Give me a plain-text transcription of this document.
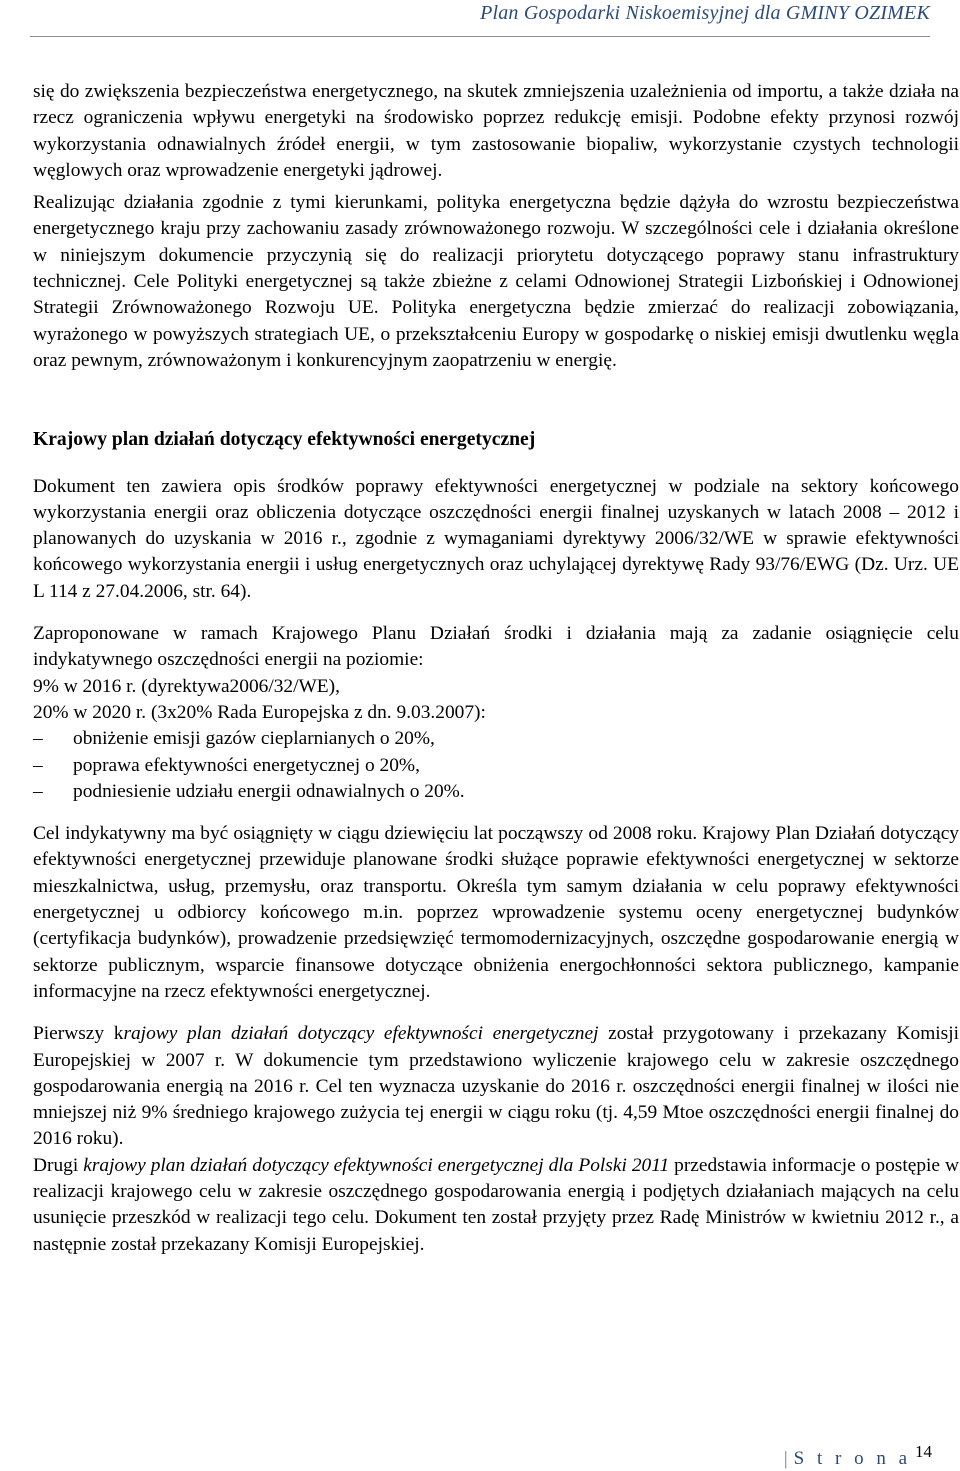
Plan Gospodarki Niskoemisyjnej dla GMINY OZIMEK

się do zwiększenia bezpieczeństwa energetycznego, na skutek zmniejszenia uzależnienia od importu, a także działa na rzecz ograniczenia wpływu energetyki na środowisko poprzez redukcję emisji. Podobne efekty przynosi rozwój wykorzystania odnawialnych źródeł energii, w tym zastosowanie biopaliw, wykorzystanie czystych technologii węglowych oraz wprowadzenie energetyki jądrowej.

Realizując działania zgodnie z tymi kierunkami, polityka energetyczna będzie dążyła do wzrostu bezpieczeństwa energetycznego kraju przy zachowaniu zasady zrównoważonego rozwoju. W szczególności cele i działania określone w niniejszym dokumencie przyczynią się do realizacji priorytetu dotyczącego poprawy stanu infrastruktury technicznej. Cele Polityki energetycznej są także zbieżne z celami Odnowionej Strategii Lizbońskiej i Odnowionej Strategii Zrównoważonego Rozwoju UE. Polityka energetyczna będzie zmierzać do realizacji zobowiązania, wyrażonego w powyższych strategiach UE, o przekształceniu Europy w gospodarkę o niskiej emisji dwutlenku węgla oraz pewnym, zrównoważonym i konkurencyjnym zaopatrzeniu w energię.

Krajowy plan działań dotyczący efektywności energetycznej

Dokument ten zawiera opis środków poprawy efektywności energetycznej w podziale na sektory końcowego wykorzystania energii oraz obliczenia dotyczące oszczędności energii finalnej uzyskanych w latach 2008 – 2012 i planowanych do uzyskania w 2016 r., zgodnie z wymaganiami dyrektywy 2006/32/WE w sprawie efektywności końcowego wykorzystania energii i usług energetycznych oraz uchylającej dyrektywę Rady 93/76/EWG (Dz. Urz. UE L 114 z 27.04.2006, str. 64).

Zaproponowane w ramach Krajowego Planu Działań środki i działania mają za zadanie osiągnięcie celu indykatywnego oszczędności energii na poziomie:

9% w 2016 r. (dyrektywa2006/32/WE),
20% w 2020 r. (3x20% Rada Europejska z dn. 9.03.2007):
–	obniżenie emisji gazów cieplarnianych o 20%,
–	poprawa efektywności energetycznej o 20%,
–	podniesienie udziału energii odnawialnych o 20%.

Cel indykatywny ma być osiągnięty w ciągu dziewięciu lat począwszy od 2008 roku. Krajowy Plan Działań dotyczący efektywności energetycznej przewiduje planowane środki służące poprawie efektywności energetycznej w sektorze mieszkalnictwa, usług, przemysłu, oraz transportu. Określa tym samym działania w celu poprawy efektywności energetycznej u odbiorcy końcowego m.in. poprzez wprowadzenie systemu oceny energetycznej budynków (certyfikacja budynków), prowadzenie przedsięwzięć termomodernizacyjnych, oszczędne gospodarowanie energią w sektorze publicznym, wsparcie finansowe dotyczące obniżenia energochłonności sektora publicznego, kampanie informacyjne na rzecz efektywności energetycznej.

Pierwszy krajowy plan działań dotyczący efektywności energetycznej został przygotowany i przekazany Komisji Europejskiej w 2007 r. W dokumencie tym przedstawiono wyliczenie krajowego celu w zakresie oszczędnego gospodarowania energią na 2016 r. Cel ten wyznacza uzyskanie do 2016 r. oszczędności energii finalnej w ilości nie mniejszej niż 9% średniego krajowego zużycia tej energii w ciągu roku (tj. 4,59 Mtoe oszczędności energii finalnej do 2016 roku).

Drugi krajowy plan działań dotyczący efektywności energetycznej dla Polski 2011 przedstawia informacje o postępie w realizacji krajowego celu w zakresie oszczędnego gospodarowania energią i podjętych działaniach mających na celu usunięcie przeszkód w realizacji tego celu. Dokument ten został przyjęty przez Radę Ministrów w kwietniu 2012 r., a następnie został przekazany Komisji Europejskiej.

| S t r o n a 14
